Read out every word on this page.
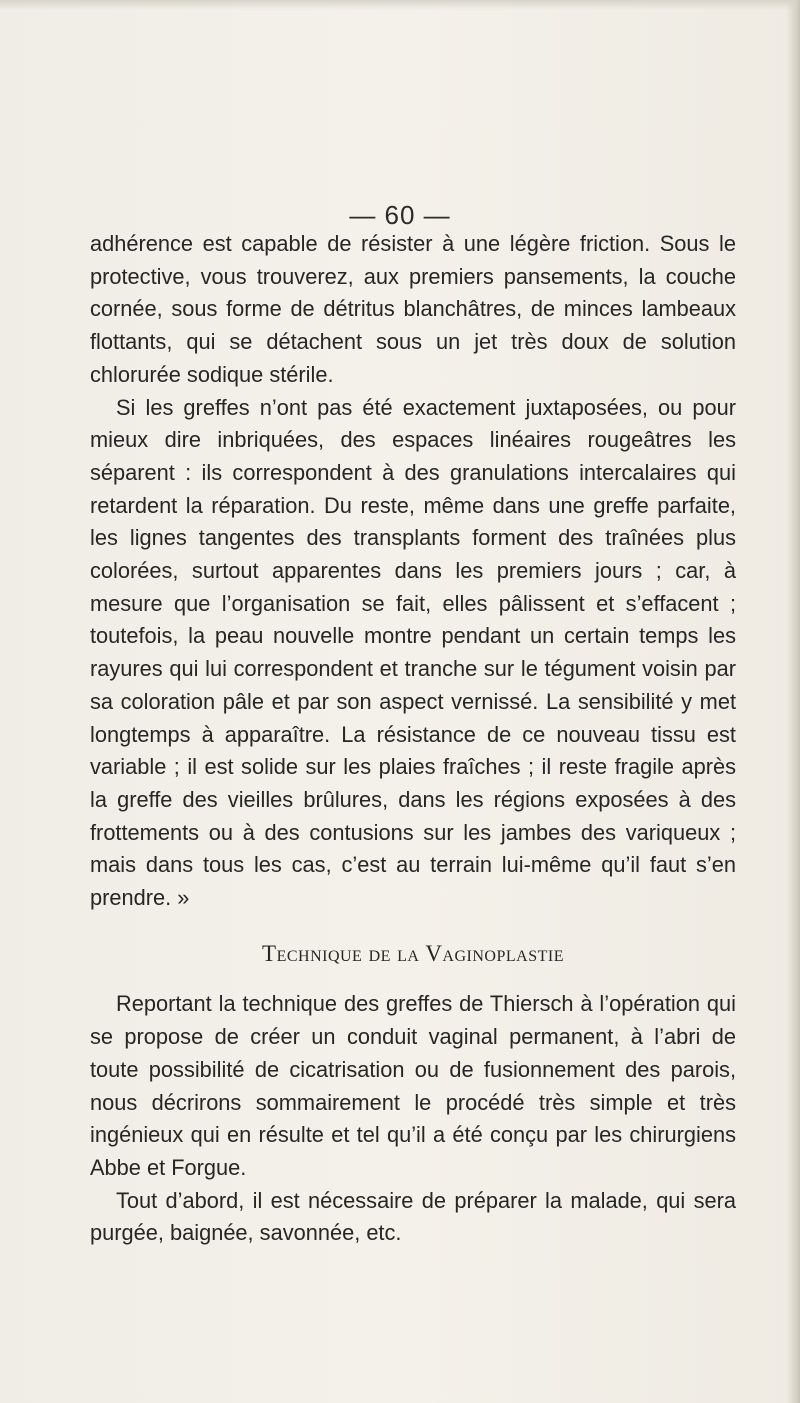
— 60 —

adhérence est capable de résister à une légère friction. Sous le protective, vous trouverez, aux premiers pansements, la couche cornée, sous forme de détritus blanchâtres, de minces lambeaux flottants, qui se détachent sous un jet très doux de solution chlorurée sodique stérile.

Si les greffes n’ont pas été exactement juxtaposées, ou pour mieux dire inbriquées, des espaces linéaires rougeâtres les séparent : ils correspondent à des granulations intercalaires qui retardent la réparation. Du reste, même dans une greffe parfaite, les lignes tangentes des transplants forment des traînées plus colorées, surtout apparentes dans les premiers jours ; car, à mesure que l’organisation se fait, elles pâlissent et s’effacent ; toutefois, la peau nouvelle montre pendant un certain temps les rayures qui lui correspondent et tranche sur le tégument voisin par sa coloration pâle et par son aspect vernissé. La sensibilité y met longtemps à apparaître. La résistance de ce nouveau tissu est variable ; il est solide sur les plaies fraîches ; il reste fragile après la greffe des vieilles brûlures, dans les régions exposées à des frottements ou à des contusions sur les jambes des variqueux ; mais dans tous les cas, c’est au terrain lui-même qu’il faut s’en prendre. »

Technique de la Vaginoplastie

Reportant la technique des greffes de Thiersch à l’opération qui se propose de créer un conduit vaginal permanent, à l’abri de toute possibilité de cicatrisation ou de fusionnement des parois, nous décrirons sommairement le procédé très simple et très ingénieux qui en résulte et tel qu’il a été conçu par les chirurgiens Abbe et Forgue.

Tout d’abord, il est nécessaire de préparer la malade, qui sera purgée, baignée, savonnée, etc.
